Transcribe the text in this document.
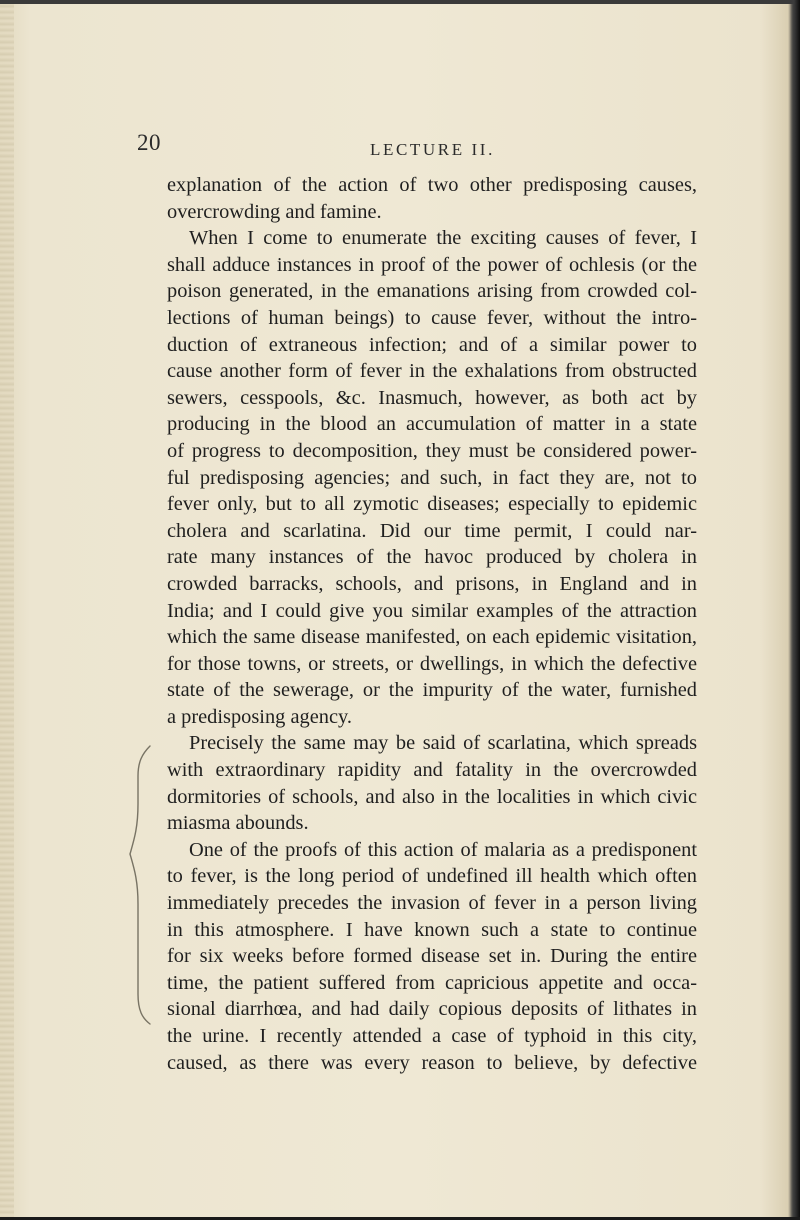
20	LECTURE II.

explanation of the action of two other predisposing causes,

overcrowding and famine.

When I come to enumerate the exciting causes of fever, I

shall adduce instances in proof of the power of ochlesis (or the

poison generated, in the emanations arising from crowded col-

lections of human beings) to cause fever, without the intro-

duction of extraneous infection; and of a similar power to

cause another form of fever in the exhalations from obstructed

sewers, cesspools, &c. Inasmuch, however, as both act by

producing in the blood an accumulation of matter in a state

of progress to decomposition, they must be considered power-

ful predisposing agencies; and such, in fact they are, not to

fever only, but to all zymotic diseases; especially to epidemic

cholera and scarlatina. Did our time permit, I could nar-

rate many instances of the havoc produced by cholera in

crowded barracks, schools, and prisons, in England and in

India; and I could give you similar examples of the attraction

which the same disease manifested, on each epidemic visitation,

for those towns, or streets, or dwellings, in which the defective

state of the sewerage, or the impurity of the water, furnished

a predisposing agency.

Precisely the same may be said of scarlatina, which spreads

with extraordinary rapidity and fatality in the overcrowded

dormitories of schools, and also in the localities in which civic

miasma abounds.

One of the proofs of this action of malaria as a predisponent

to fever, is the long period of undefined ill health which often

immediately precedes the invasion of fever in a person living

in this atmosphere. I have known such a state to continue

for six weeks before formed disease set in. During the entire

time, the patient suffered from capricious appetite and occa-

sional diarrhœa, and had daily copious deposits of lithates in

the urine. I recently attended a case of typhoid in this city,

caused, as there was every reason to believe, by defective
